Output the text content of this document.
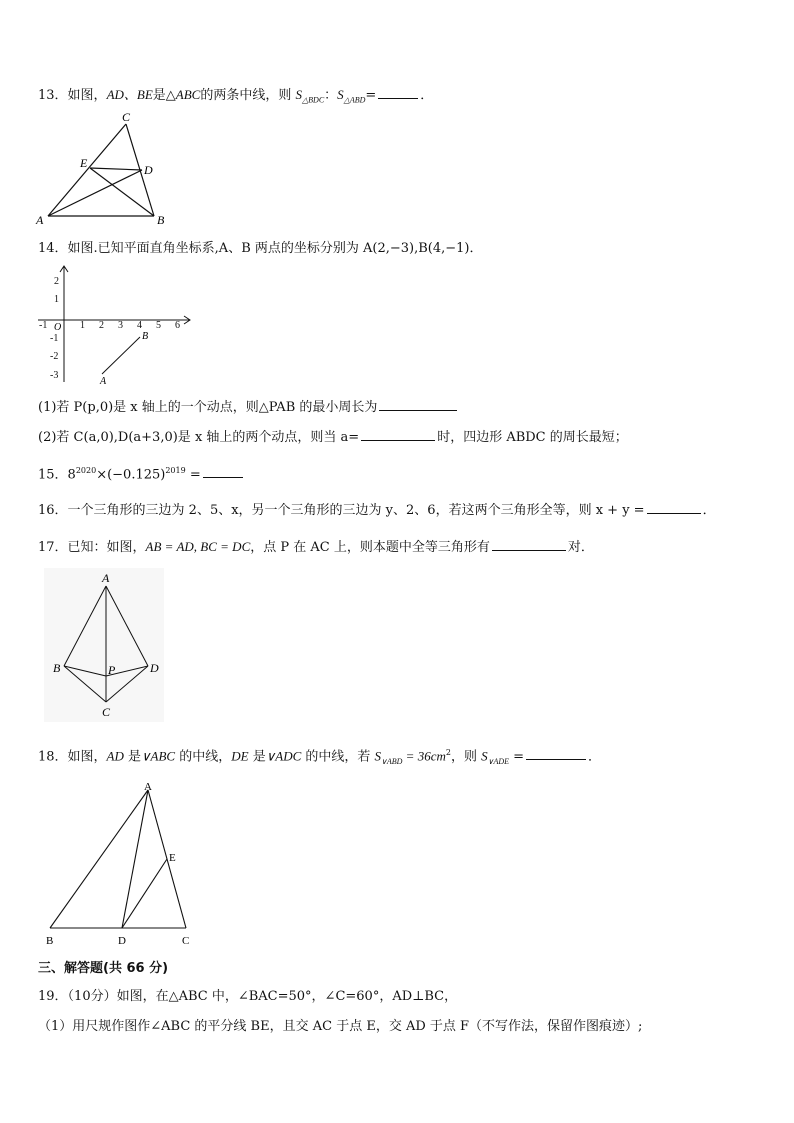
13．如图，AD、BE是△ABC的两条中线，则 $S_{\triangle BDC}$：$S_{\triangle ABD}=$	．
C
E	D
A	B
14．如图.已知平面直角坐标系,A、B 两点的坐标分别为 A(2,−3),B(4,−1)．
-1	1 2 3 4 5 6
2
1
-1
-2
-3
O
A
B
(1)若 P(p,0)是 x 轴上的一个动点，则△PAB 的最小周长为
(2)若 C(a,0),D(a+3,0)是 x 轴上的两个动点，则当 a=	时，四边形 ABDC 的周长最短；
15．$8^{2020}\times(-0.125)^{2019}$ =
16．一个三角形的三边为 2、5、x，另一个三角形的三边为 y、2、6，若这两个三角形全等，则 x + y =	．
17．已知：如图，AB = AD, BC = DC，点 P 在 AC 上，则本题中全等三角形有	对．
A
B	P	D
C
18．如图，AD 是∨ABC 的中线，DE 是∨ADC 的中线，若 $S_{\vee ABD} = 36cm^2$，则 $S_{\vee ADE}$ =	．
A
E
B	D	C
三、解答题(共 66 分)
19．（10分）如图，在△ABC 中，∠BAC=50°，∠C=60°，AD⊥BC，
（1）用尺规作图作∠ABC 的平分线 BE，且交 AC 于点 E，交 AD 于点 F（不写作法，保留作图痕迹）;
